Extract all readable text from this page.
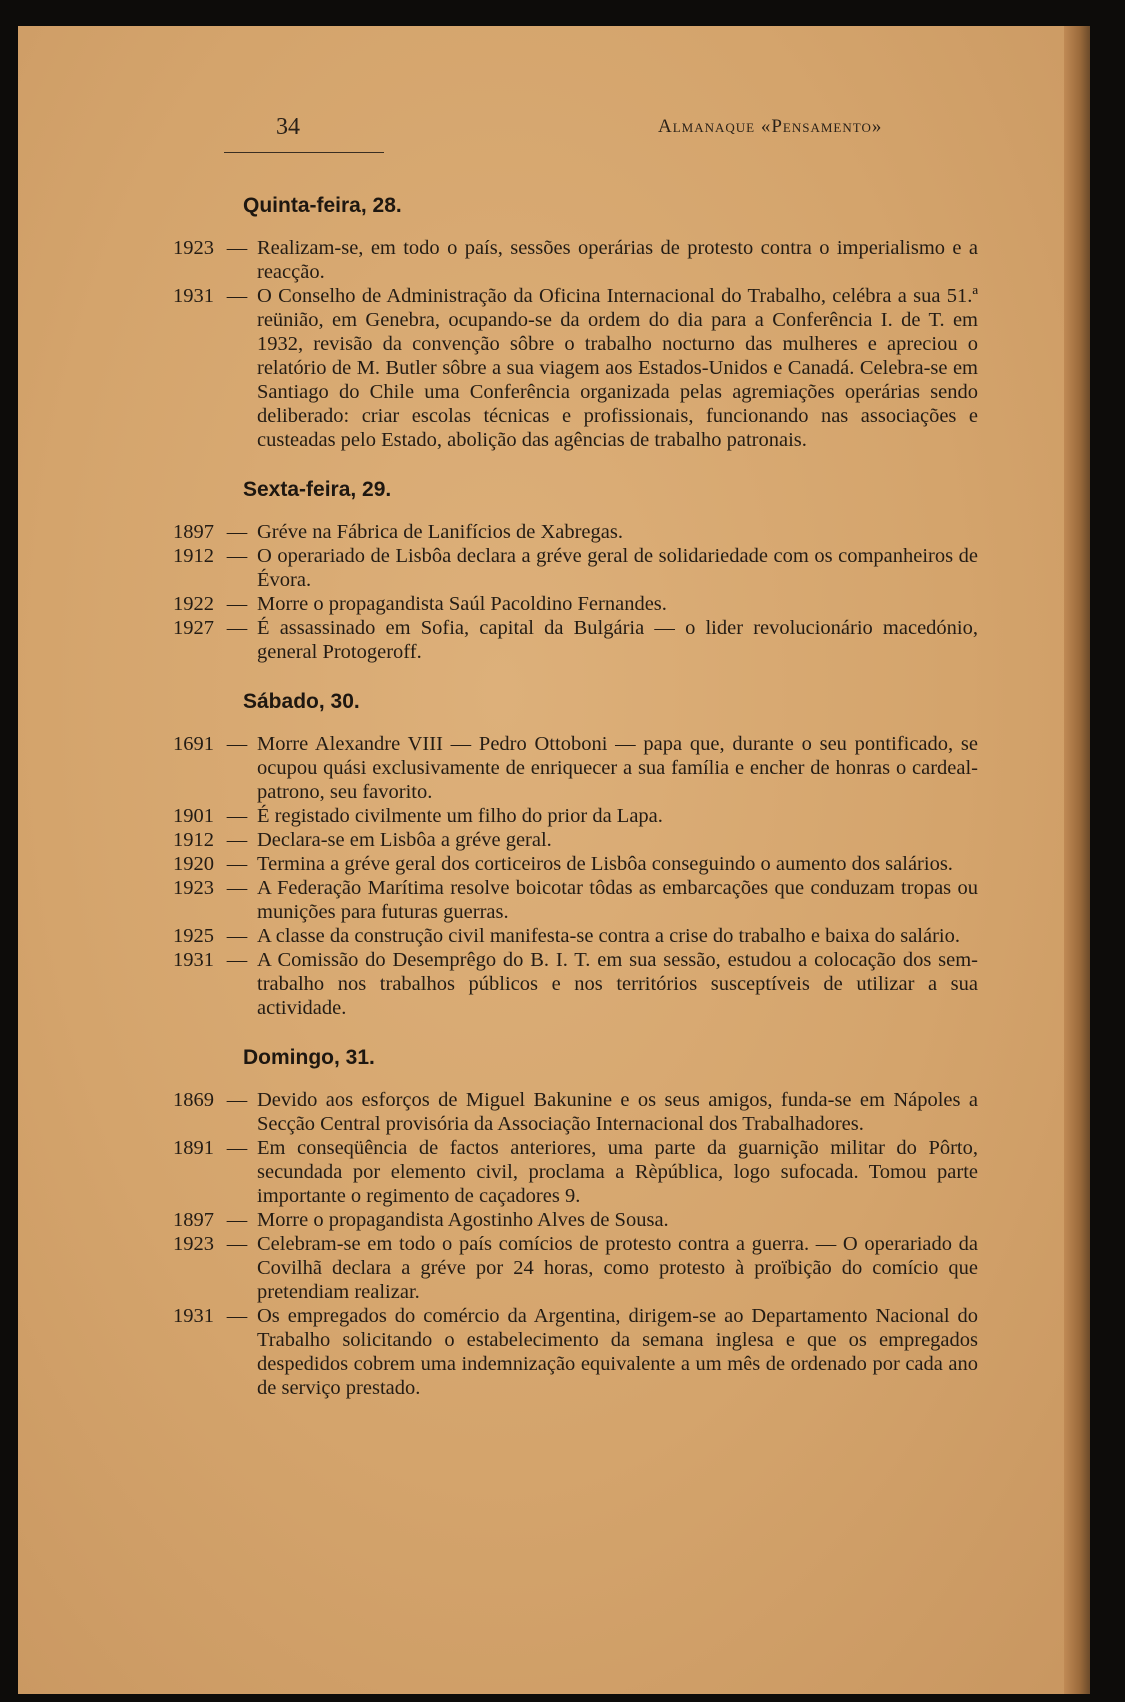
34	Almanaque «Pensamento»
Quinta-feira, 28.
1923 — Realizam-se, em todo o país, sessões operárias de protesto contra o imperialismo e a reacção.
1931 — O Conselho de Administração da Oficina Internacional do Trabalho, celébra a sua 51.ª reünião, em Genebra, ocupando-se da ordem do dia para a Conferência I. de T. em 1932, revisão da convenção sôbre o trabalho nocturno das mulheres e apreciou o relatório de M. Butler sôbre a sua viagem aos Estados-Unidos e Canadá. Celebra-se em Santiago do Chile uma Conferência organizada pelas agremiações operárias sendo deliberado: criar escolas técnicas e profissionais, funcionando nas associações e custeadas pelo Estado, abolição das agências de trabalho patronais.
Sexta-feira, 29.
1897 — Gréve na Fábrica de Lanifícios de Xabregas.
1912 — O operariado de Lisbôa declara a gréve geral de solidariedade com os companheiros de Évora.
1922 — Morre o propagandista Saúl Pacoldino Fernandes.
1927 — É assassinado em Sofia, capital da Bulgária — o lider revolucionário macedónio, general Protogeroff.
Sábado, 30.
1691 — Morre Alexandre VIII — Pedro Ottoboni — papa que, durante o seu pontificado, se ocupou quási exclusivamente de enriquecer a sua família e encher de honras o cardeal-patrono, seu favorito.
1901 — É registado civilmente um filho do prior da Lapa.
1912 — Declara-se em Lisbôa a gréve geral.
1920 — Termina a gréve geral dos corticeiros de Lisbôa conseguindo o aumento dos salários.
1923 — A Federação Marítima resolve boicotar tôdas as embarcações que conduzam tropas ou munições para futuras guerras.
1925 — A classe da construção civil manifesta-se contra a crise do trabalho e baixa do salário.
1931 — A Comissão do Desemprêgo do B. I. T. em sua sessão, estudou a colocação dos sem-trabalho nos trabalhos públicos e nos territórios susceptíveis de utilizar a sua actividade.
Domingo, 31.
1869 — Devido aos esforços de Miguel Bakunine e os seus amigos, funda-se em Nápoles a Secção Central provisória da Associação Internacional dos Trabalhadores.
1891 — Em conseqüência de factos anteriores, uma parte da guarnição militar do Pôrto, secundada por elemento civil, proclama a Rèpública, logo sufocada. Tomou parte importante o regimento de caçadores 9.
1897 — Morre o propagandista Agostinho Alves de Sousa.
1923 — Celebram-se em todo o país comícios de protesto contra a guerra. — O operariado da Covilhã declara a gréve por 24 horas, como protesto à proïbição do comício que pretendiam realizar.
1931 — Os empregados do comércio da Argentina, dirigem-se ao Departamento Nacional do Trabalho solicitando o estabelecimento da semana inglesa e que os empregados despedidos cobrem uma indemnização equivalente a um mês de ordenado por cada ano de serviço prestado.
